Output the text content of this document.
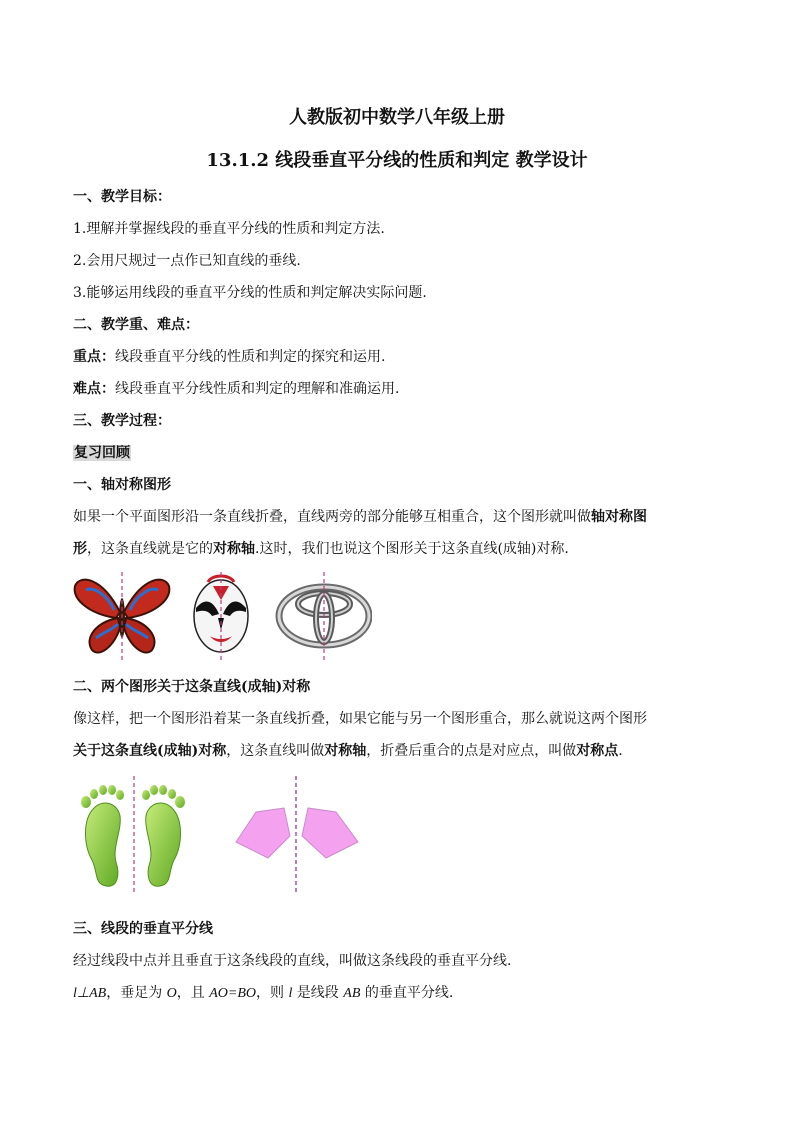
人教版初中数学八年级上册
13.1.2 线段垂直平分线的性质和判定 教学设计
一、教学目标：
1.理解并掌握线段的垂直平分线的性质和判定方法.
2.会用尺规过一点作已知直线的垂线.
3.能够运用线段的垂直平分线的性质和判定解决实际问题.
二、教学重、难点：
重点：线段垂直平分线的性质和判定的探究和运用.
难点：线段垂直平分线性质和判定的理解和准确运用.
三、教学过程：
复习回顾
一、轴对称图形
如果一个平面图形沿一条直线折叠，直线两旁的部分能够互相重合，这个图形就叫做轴对称图
形，这条直线就是它的对称轴.这时，我们也说这个图形关于这条直线(成轴)对称.
二、两个图形关于这条直线(成轴)对称
像这样，把一个图形沿着某一条直线折叠，如果它能与另一个图形重合，那么就说这两个图形
关于这条直线(成轴)对称，这条直线叫做对称轴，折叠后重合的点是对应点，叫做对称点.
三、线段的垂直平分线
经过线段中点并且垂直于这条线段的直线，叫做这条线段的垂直平分线.
l⊥AB，垂足为 O，且 AO=BO，则 l 是线段 AB 的垂直平分线.
